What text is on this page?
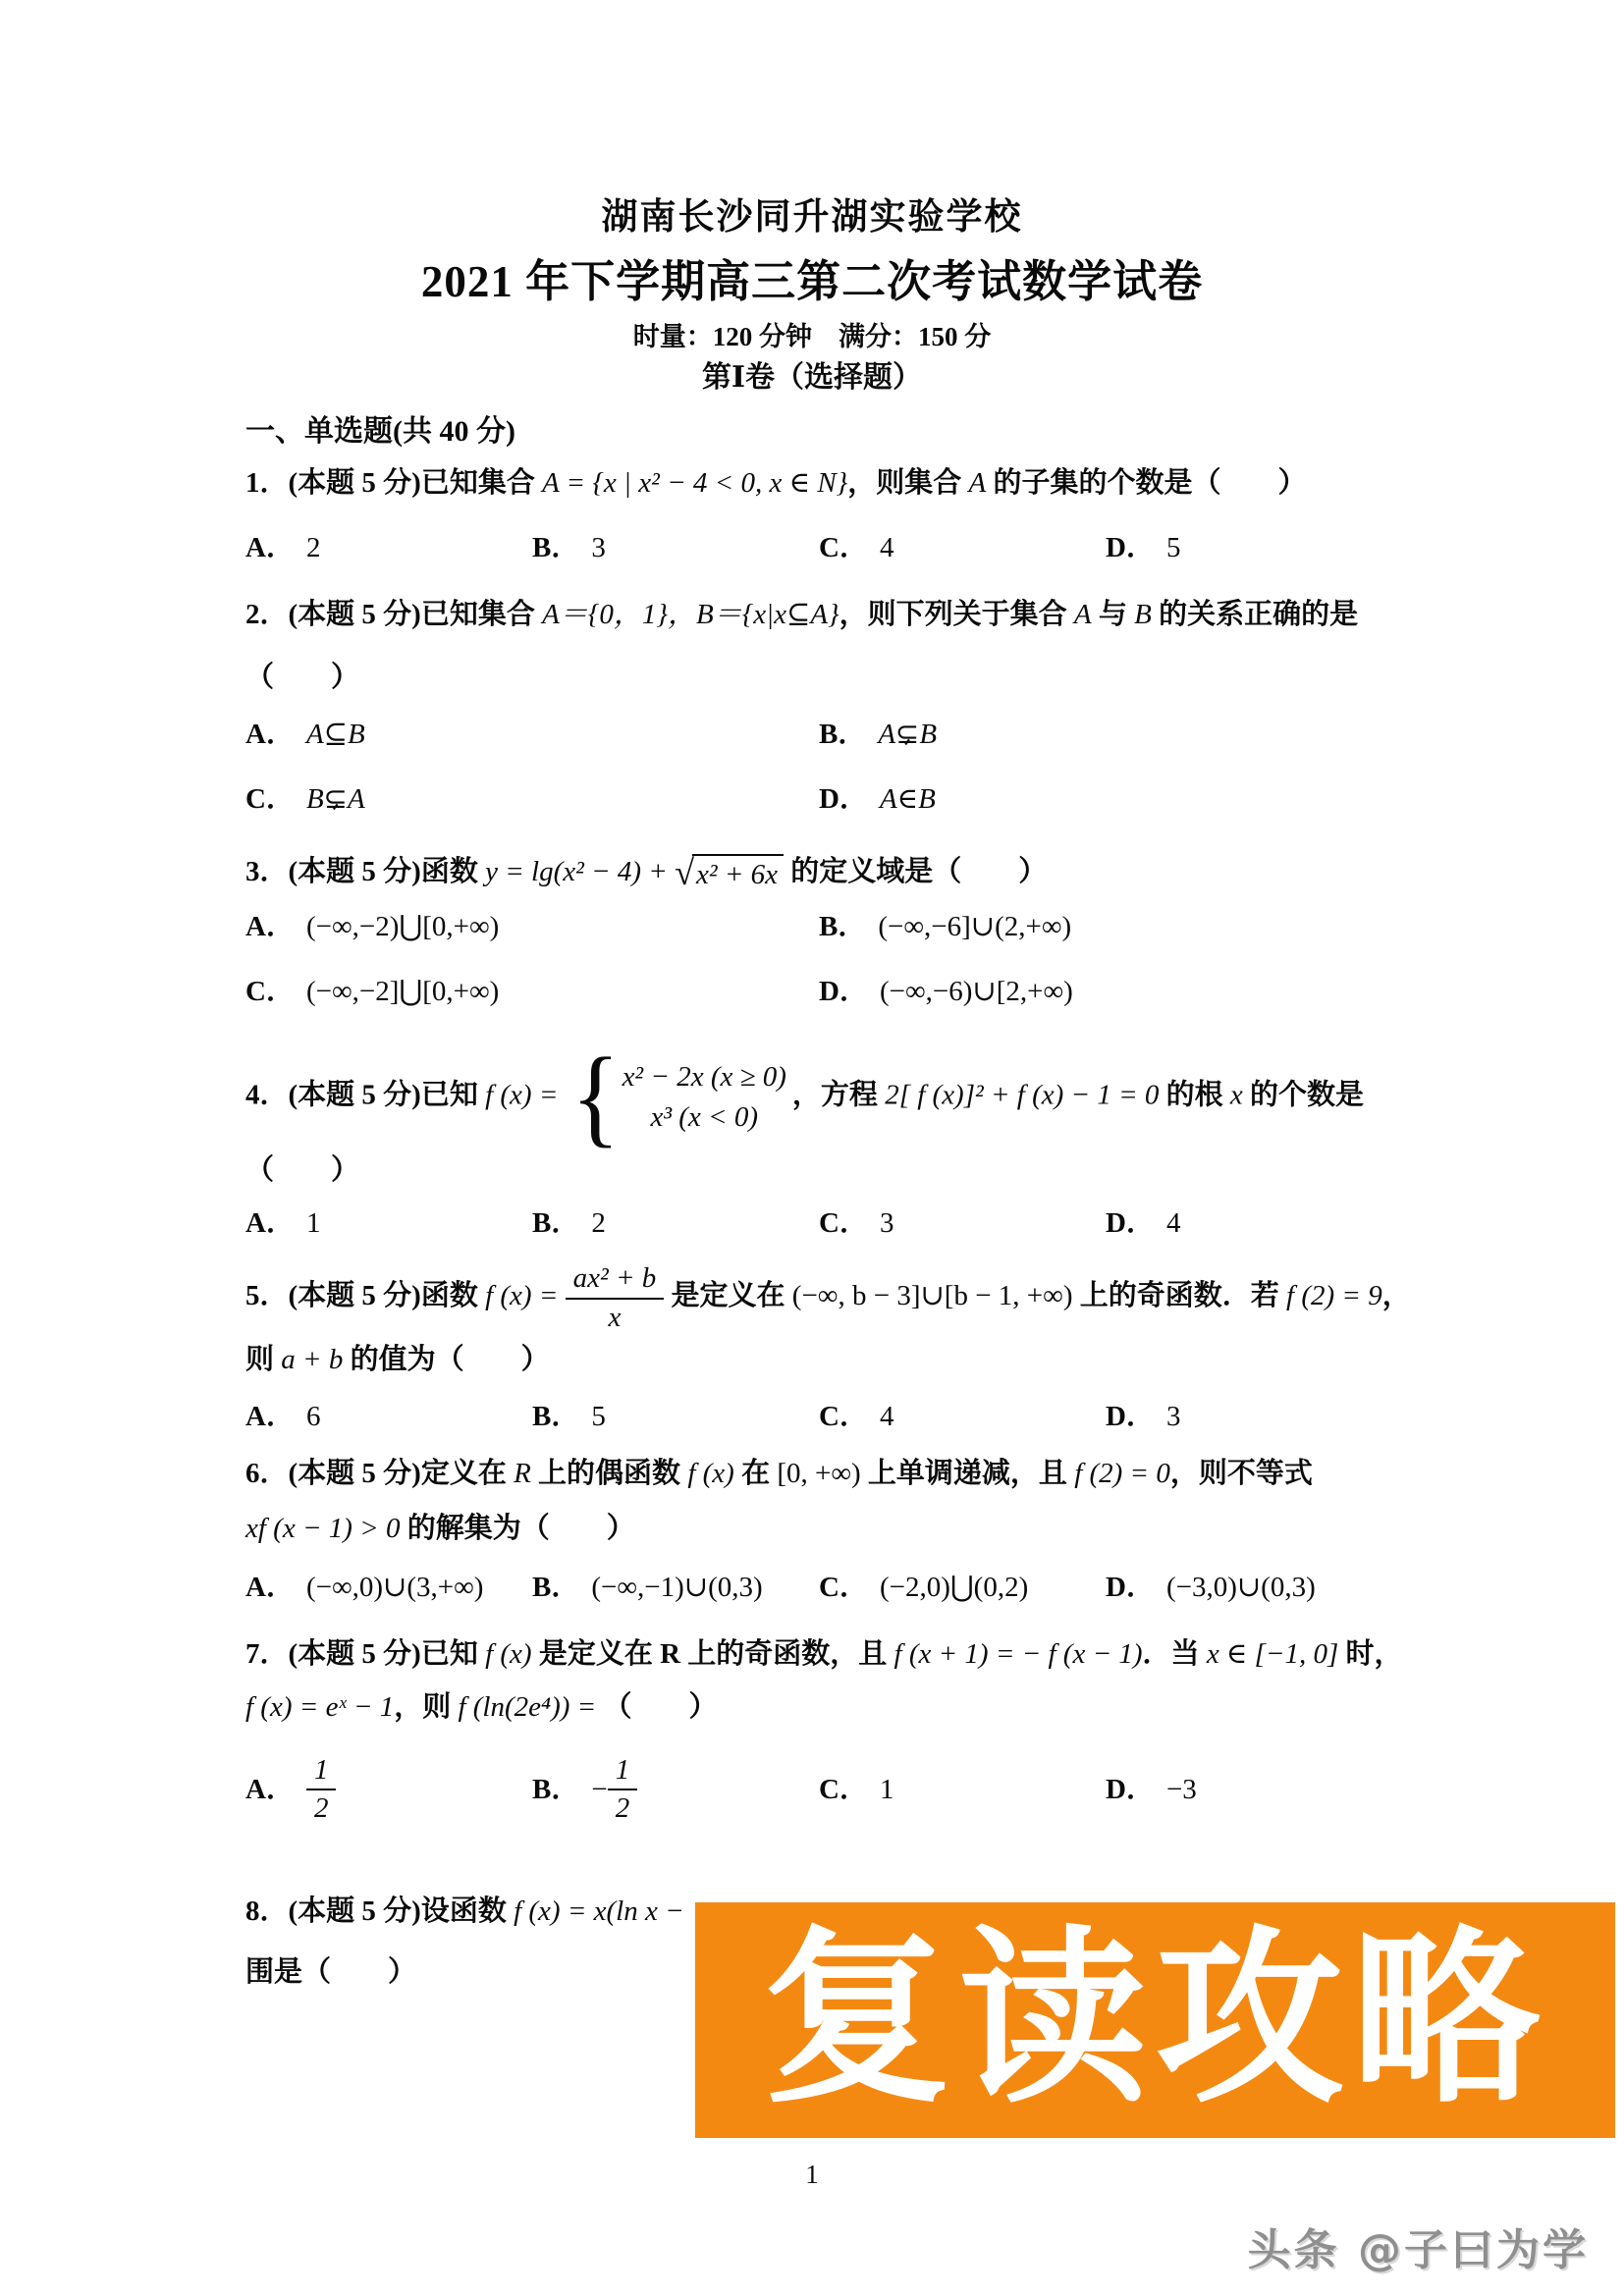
湖南长沙同升湖实验学校
2021 年下学期高三第二次考试数学试卷
时量：120 分钟　满分：150 分
第Ⅰ卷（选择题）
一、单选题(共 40 分)
1．(本题 5 分)已知集合 A = {x | x² − 4 < 0, x ∈ N}，则集合 A 的子集的个数是（　　）
A． 2	B． 3	C． 4	D． 5
2．(本题 5 分)已知集合 A＝{0，1}，B＝{x|x⊆A}，则下列关于集合 A 与 B 的关系正确的是
（　　）
A． A⊆B	B． A⊊B
C． B⊊A	D． A∈B
3．(本题 5 分)函数 y = lg(x² − 4) + √ x² + 6x 的定义域是（　　）
A． (−∞,−2)⋃[0,+∞)	B． (−∞,−6]∪(2,+∞)
C． (−∞,−2]⋃[0,+∞)	D． (−∞,−6)∪[2,+∞)
4．(本题 5 分)已知 f (x) = { x² − 2x (x ≥ 0)
x³ (x < 0)
，方程 2[ f (x)]² + f (x) − 1 = 0 的根 x 的个数是
（　　）
A． 1	B． 2	C． 3	D． 4
5．(本题 5 分)函数 f $(x) = \frac{\text{ax² + b}}{x}$ 是定义在 (−∞, b − 3]∪[b − 1, +∞) 上的奇函数．若 f (2) = 9，
则 a + b 的值为（　　）
A． 6	B． 5	C． 4	D． 3
6．(本题 5 分)定义在 R 上的偶函数 f (x) 在 [0, +∞) 上单调递减，且 f (2) = 0，则不等式
xf (x − 1) > 0 的解集为（　　）
A． (−∞,0)∪(3,+∞) B． (−∞,−1)∪(0,3) C． (−2,0)⋃(0,2)	D． (−3,0)∪(0,3)
7．(本题 5 分)已知 f (x) 是定义在 R 上的奇函数，且 f (x + 1) = − f (x − 1)．当 x ∈ [−1, 0] 时，
f (x) = eˣ − 1，则 f (ln(2e⁴)) = （　　）
A． $\frac{1}{2}$	B． − $\frac{1}{2}$	C． 1	D． −3
8．(本题 5 分)设函数 f (x) = x(ln x −
围是（　　）	复读攻略
1
头条 @子曰为学
